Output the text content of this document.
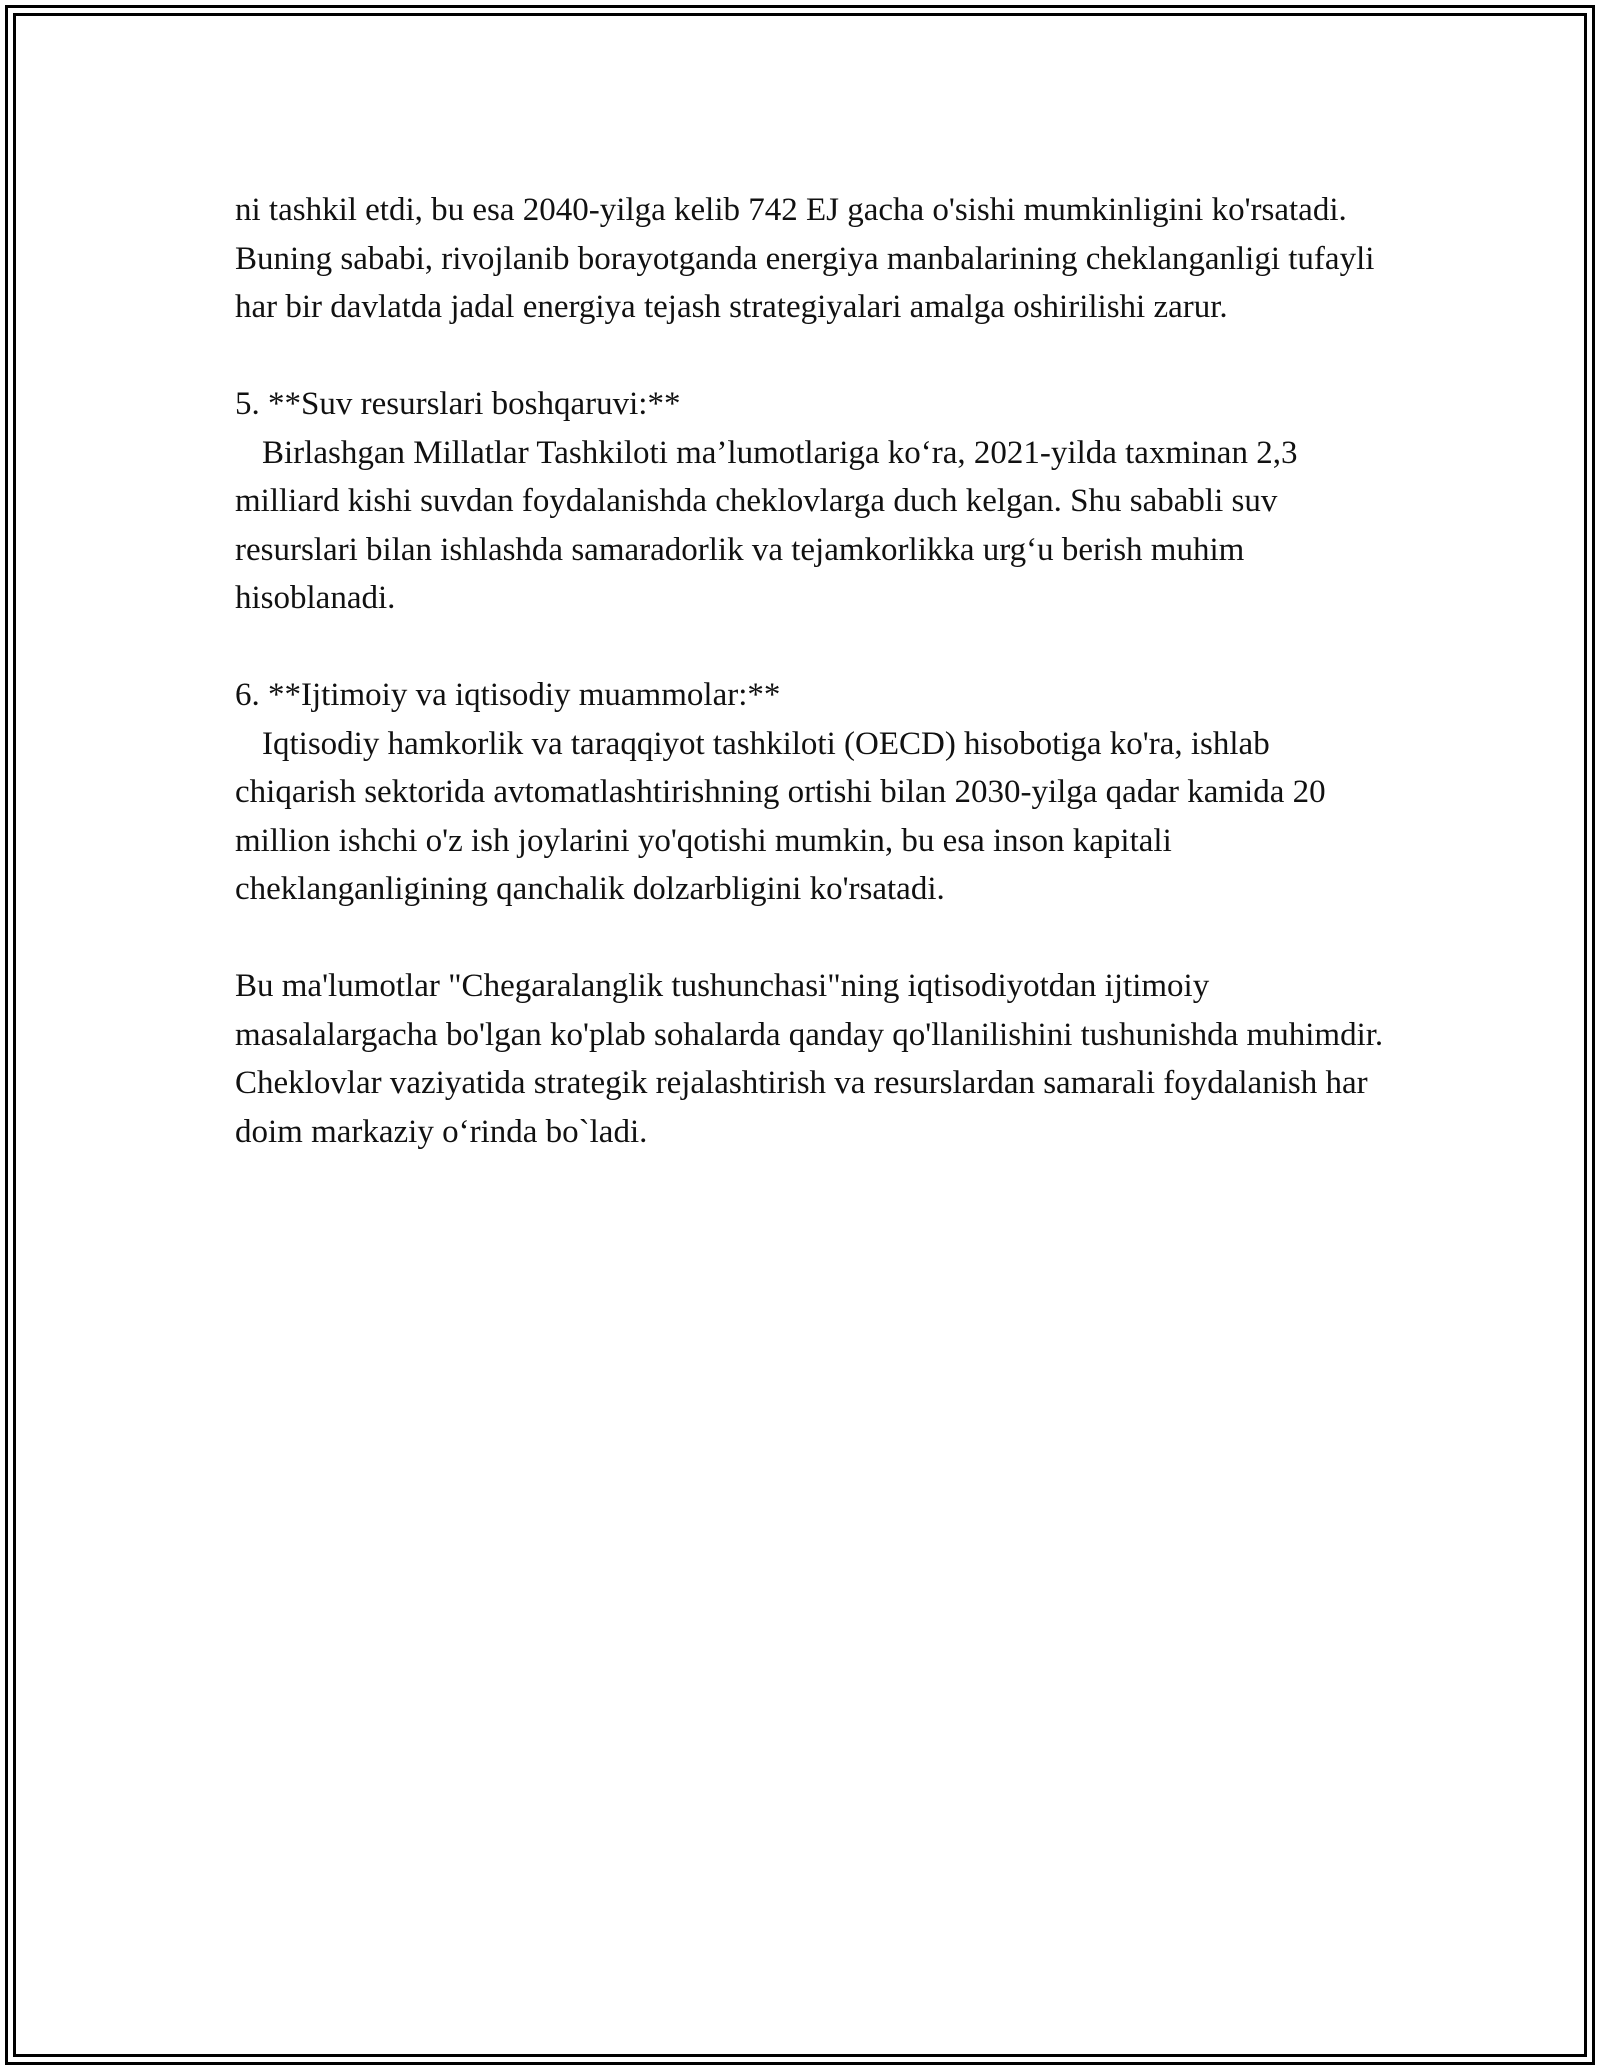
ni tashkil etdi, bu esa 2040-yilga kelib 742 EJ gacha o'sishi mumkinligini ko'rsatadi. Buning sababi, rivojlanib borayotganda energiya manbalarining cheklanganligi tufayli har bir davlatda jadal energiya tejash strategiyalari amalga oshirilishi zarur.

5. **Suv resurslari boshqaruvi:**

Birlashgan Millatlar Tashkiloti ma’lumotlariga ko‘ra, 2021-yilda taxminan 2,3 milliard kishi suvdan foydalanishda cheklovlarga duch kelgan. Shu sababli suv resurslari bilan ishlashda samaradorlik va tejamkorlikka urg‘u berish muhim hisoblanadi.

6. **Ijtimoiy va iqtisodiy muammolar:**

Iqtisodiy hamkorlik va taraqqiyot tashkiloti (OECD) hisobotiga ko'ra, ishlab chiqarish sektorida avtomatlashtirishning ortishi bilan 2030-yilga qadar kamida 20 million ishchi o'z ish joylarini yo'qotishi mumkin, bu esa inson kapitali cheklanganligining qanchalik dolzarbligini ko'rsatadi.

Bu ma'lumotlar "Chegaralanglik tushunchasi"ning iqtisodiyotdan ijtimoiy masalalargacha bo'lgan ko'plab sohalarda qanday qo'llanilishini tushunishda muhimdir. Cheklovlar vaziyatida strategik rejalashtirish va resurslardan samarali foydalanish har doim markaziy o‘rinda bo`ladi.
